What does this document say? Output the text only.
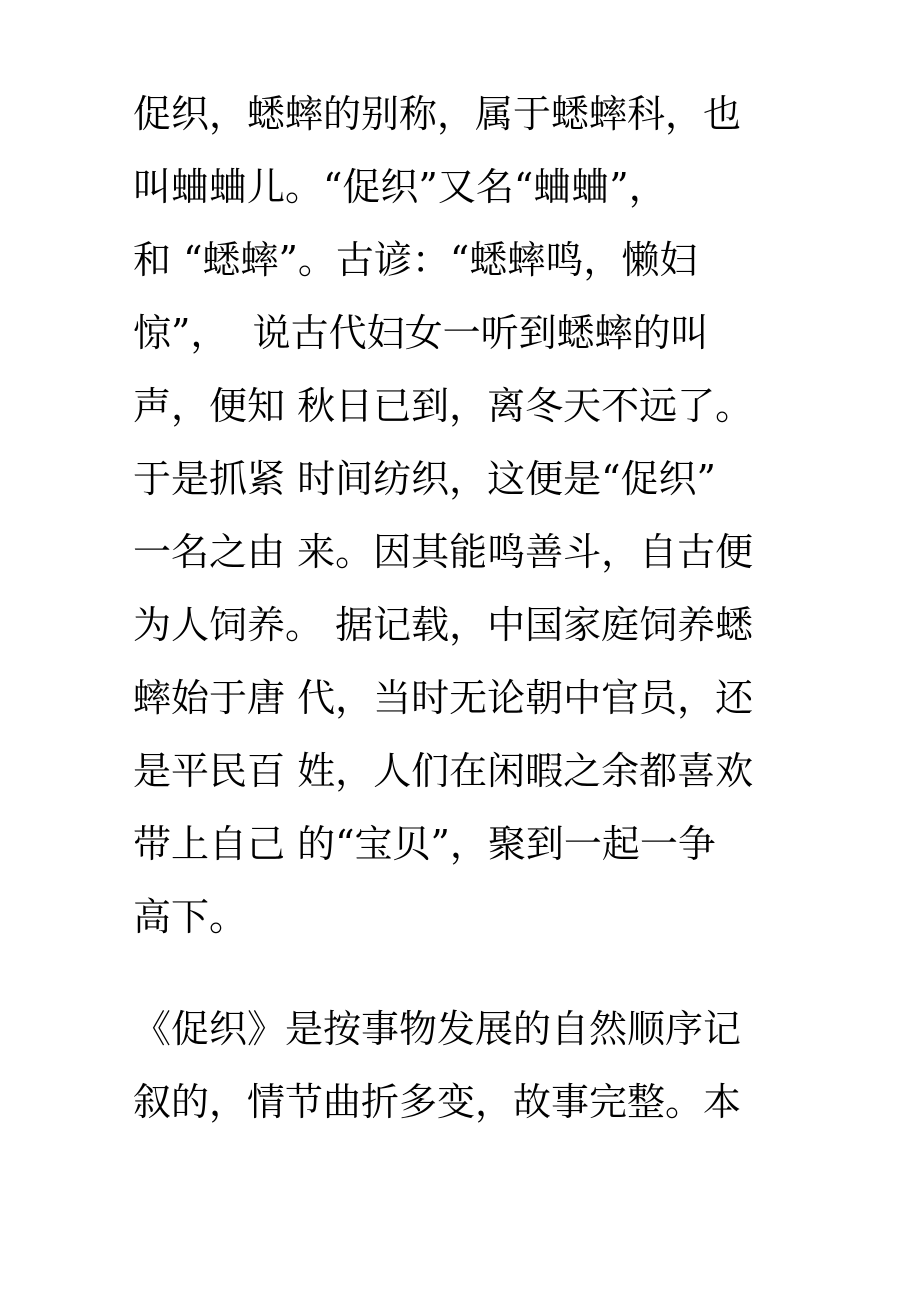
促织，蟋蟀的别称，属于蟋蟀科，也
叫蛐蛐儿。“促织”又名“蛐蛐”，
和 “蟋蟀”。古谚：“蟋蟀鸣，懒妇
惊”，  说古代妇女一听到蟋蟀的叫
声，便知 秋日已到，离冬天不远了。
于是抓紧 时间纺织，这便是“促织”
一名之由 来。因其能鸣善斗，自古便
为人饲养。 据记载，中国家庭饲养蟋
蟀始于唐 代，当时无论朝中官员，还
是平民百 姓，人们在闲暇之余都喜欢
带上自己 的“宝贝”，聚到一起一争
高下。
《促织》是按事物发展的自然顺序记
叙的，情节曲折多变，故事完整。本
